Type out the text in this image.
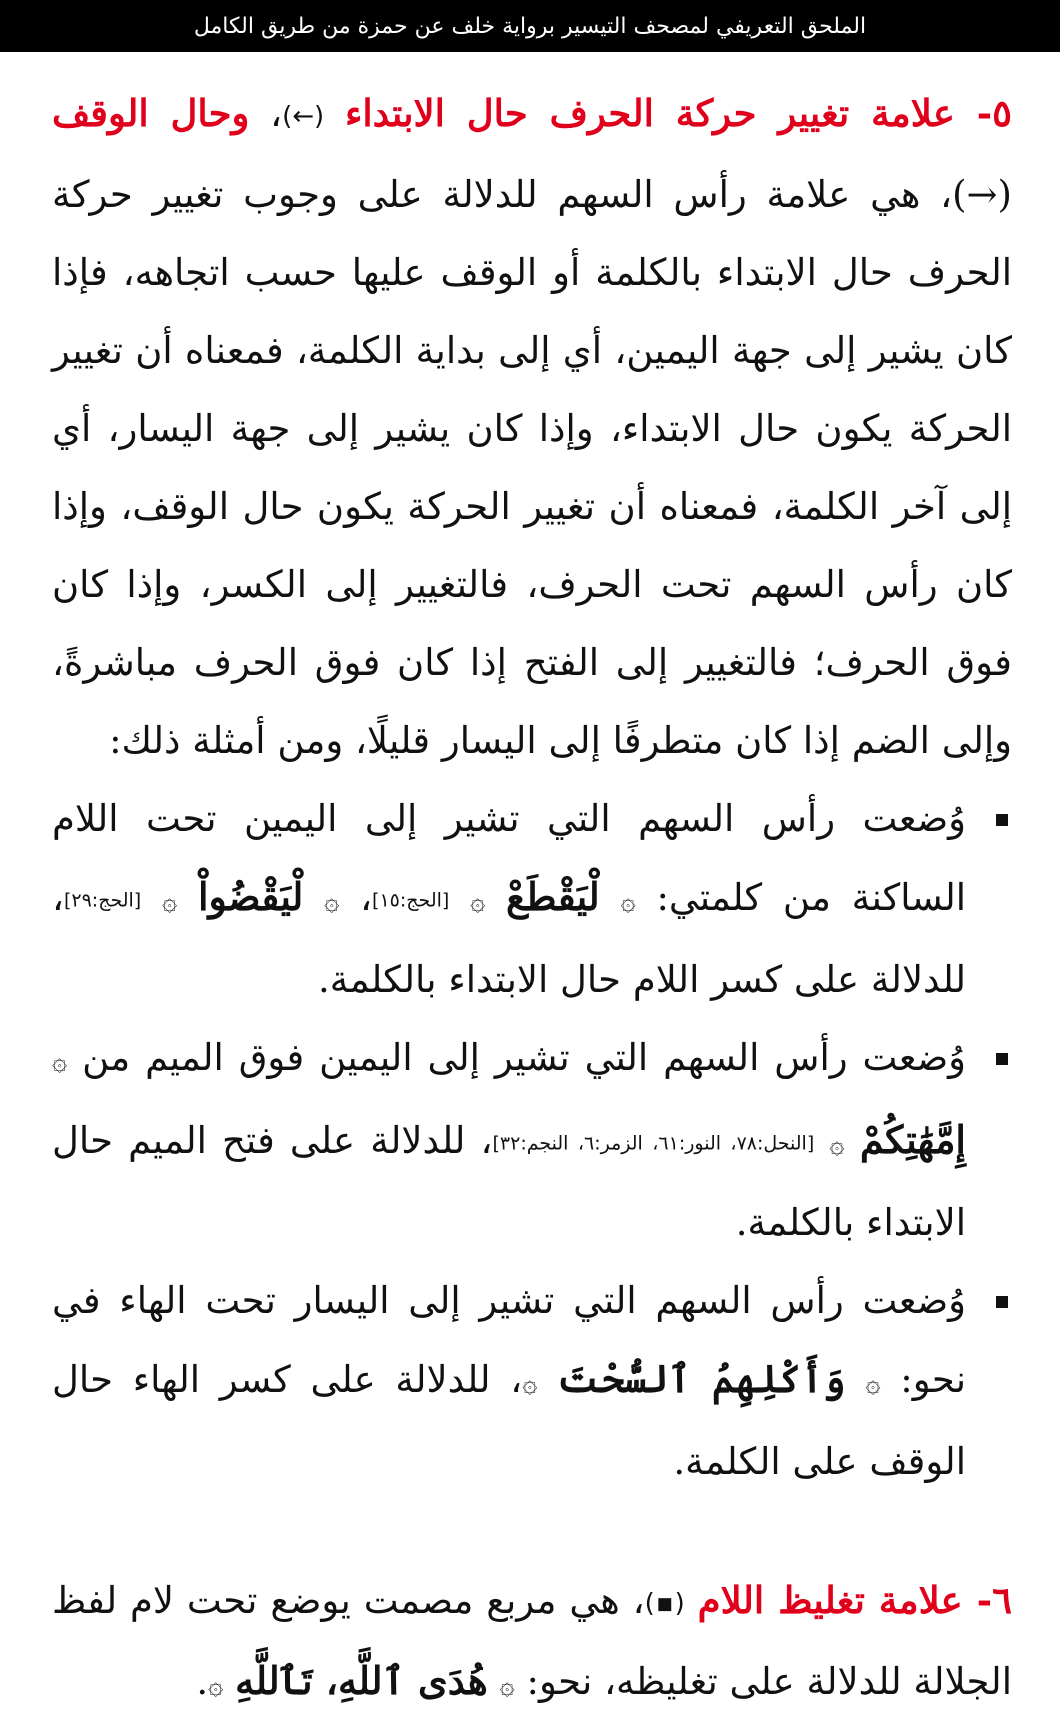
الملحق التعريفي لمصحف التيسير برواية خلف عن حمزة من طريق الكامل
٥- علامة تغيير حركة الحرف حال الابتداء (←)، وحال الوقف (→)، هي علامة رأس السهم للدلالة على وجوب تغيير حركة الحرف حال الابتداء بالكلمة أو الوقف عليها حسب اتجاهه، فإذا كان يشير إلى جهة اليمين، أي إلى بداية الكلمة، فمعناه أن تغيير الحركة يكون حال الابتداء، وإذا كان يشير إلى جهة اليسار، أي إلى آخر الكلمة، فمعناه أن تغيير الحركة يكون حال الوقف، وإذا كان رأس السهم تحت الحرف، فالتغيير إلى الكسر، وإذا كان فوق الحرف؛ فالتغيير إلى الفتح إذا كان فوق الحرف مباشرةً، وإلى الضم إذا كان متطرفًا إلى اليسار قليلًا، ومن أمثلة ذلك:
وُضعت رأس السهم التي تشير إلى اليمين تحت اللام الساكنة من كلمتي: ۞ لْيَقْطَعْ ۞ [الحج:١٥]، ۞ لْيَقْضُواْ ۞ [الحج:٢٩]، للدلالة على كسر اللام حال الابتداء بالكلمة.
وُضعت رأس السهم التي تشير إلى اليمين فوق الميم من ۞ إِمَّهَٰتِكُمْ ۞ [النحل:٧٨، النور:٦١، الزمر:٦، النجم:٣٢]، للدلالة على فتح الميم حال الابتداء بالكلمة.
وُضعت رأس السهم التي تشير إلى اليسار تحت الهاء في نحو: ۞ وَأَكْلِهِمُ ٱلسُّحْتَ ۞، للدلالة على كسر الهاء حال الوقف على الكلمة.
٦- علامة تغليظ اللام (▪)، هي مربع مصمت يوضع تحت لام لفظ الجلالة للدلالة على تغليظه، نحو: ۞ هُدَى ٱللَّهِ، تَٱللَّهِ ۞.
